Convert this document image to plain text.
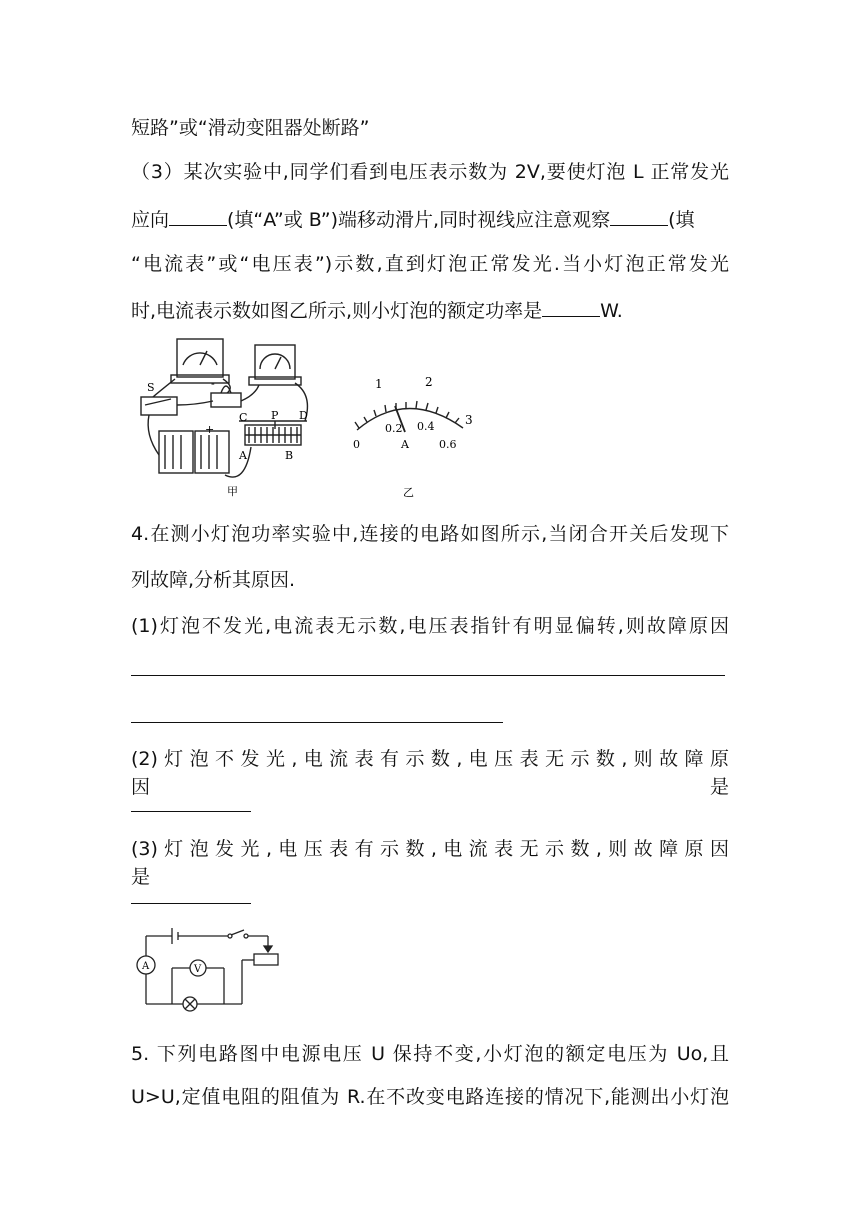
短路”或“滑动变阻器处断路”
（3）某次实验中,同学们看到电压表示数为 2V,要使灯泡 L 正常发光
应向	(填“A”或 B”)端移动滑片,同时视线应注意观察	(填
“电流表”或“电压表”)示数,直到灯泡正常发光.当小灯泡正常发光
时,电流表示数如图乙所示,则小灯泡的额定功率是	W.
S
C P D
A	B
+
-
甲
1	2
3
0
0.2 0.4
0.6
A
乙
4.在测小灯泡功率实验中,连接的电路如图所示,当闭合开关后发现下
列故障,分析其原因.
(1)灯泡不发光,电流表无示数,电压表指针有明显偏转,则故障原因
(2) 灯 泡 不 发 光 , 电 流 表 有 示 数 , 电 压 表 无 示 数 , 则 故 障 原 因 是
(3) 灯 泡 发 光 , 电 压 表 有 示 数 , 电 流 表 无 示 数 , 则 故 障 原 因 是
A	V
5. 下列电路图中电源电压 U 保持不变,小灯泡的额定电压为 Uo,且
U>U,定值电阻的阻值为 R.在不改变电路连接的情况下,能测出小灯泡
